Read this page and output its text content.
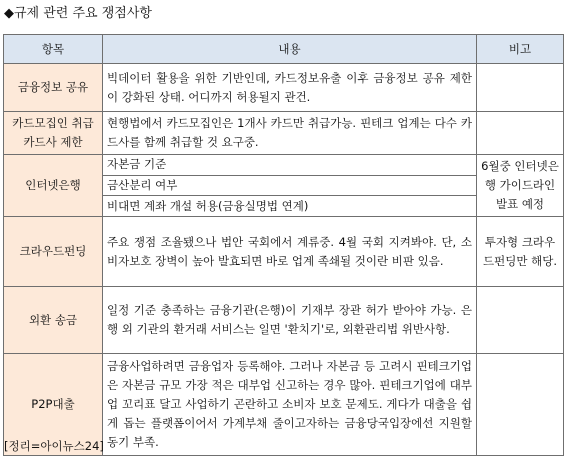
◆규제 관련 주요 쟁점사항
항목	내용	비고
금융정보 공유	빅데이터 활용을 위한 기반인데, 카드정보유출 이후 금융정보 공유 제한이 강화된 상태. 어디까지 허용될지 관건.	
카드모집인 취급 카드사 제한	현행법에서 카드모집인은 1개사 카드만 취급가능. 핀테크 업계는 다수 카드사를 함께 취급할 것 요구중.	
인터넷은행	자본금 기준	6월중 인터넷은행 가이드라인 발표 예정
	금산분리 여부	
	비대면 계좌 개설 허용(금융실명법 연계)	
크라우드펀딩	주요 쟁점 조율됐으나 법안 국회에서 계류중. 4월 국회 지켜봐야. 단, 소비자보호 장벽이 높아 발효되면 바로 업계 족쇄될 것이란 비판 있음.	투자형 크라우드펀딩만 해당.
외환 송금	일정 기준 충족하는 금융기관(은행)이 기재부 장관 허가 받아야 가능. 은행 외 기관의 환거래 서비스는 일면 '환치기'로, 외환관리법 위반사항.	
P2P대출	금융사업하려면 금융업자 등록해야. 그러나 자본금 등 고려시 핀테크기업은 자본금 규모 가장 적은 대부업 신고하는 경우 많아. 핀테크기업에 대부업 꼬리표 달고 사업하기 곤란하고 소비자 보호 문제도. 게다가 대출을 쉽게 돕는 플랫폼이어서 가계부채 줄이고자하는 금융당국입장에선 지원할 동기 부족.	
[정리=아이뉴스24]
